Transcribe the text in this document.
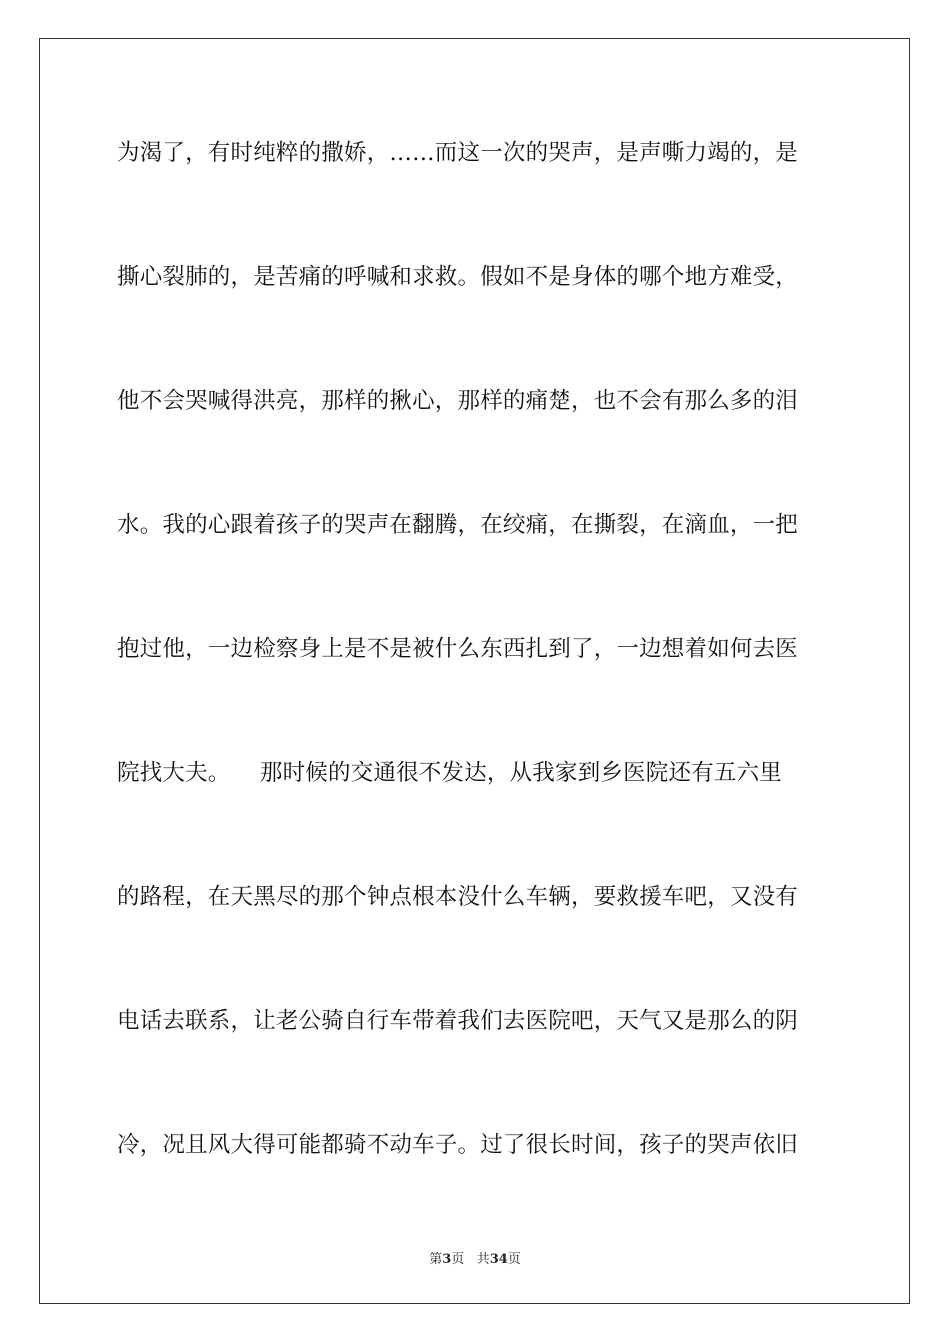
为渴了，有时纯粹的撒娇，……而这一次的哭声，是声嘶力竭的，是
撕心裂肺的，是苦痛的呼喊和求救。假如不是身体的哪个地方难受，
他不会哭喊得洪亮，那样的揪心，那样的痛楚，也不会有那么多的泪
水。我的心跟着孩子的哭声在翻腾，在绞痛，在撕裂，在滴血，一把
抱过他，一边检察身上是不是被什么东西扎到了，一边想着如何去医
院找大夫。    那时候的交通很不发达，从我家到乡医院还有五六里
的路程，在天黑尽的那个钟点根本没什么车辆，要救援车吧，又没有
电话去联系，让老公骑自行车带着我们去医院吧，天气又是那么的阴
冷，况且风大得可能都骑不动车子。过了很长时间，孩子的哭声依旧
第3页 共34页
